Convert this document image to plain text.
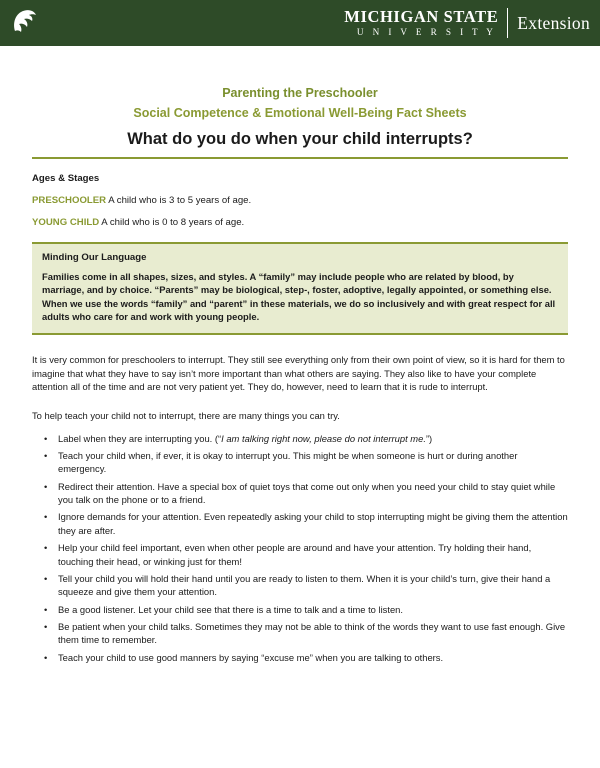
MICHIGAN STATE
U N I V E R S I T Y	Extension
Parenting the Preschooler
Social Competence & Emotional Well-Being Fact Sheets
What do you do when your child interrupts?
Ages & Stages
PRESCHOOLER A child who is 3 to 5 years of age.
YOUNG CHILD A child who is 0 to 8 years of age.
Minding Our Language
Families come in all shapes, sizes, and styles. A “family” may include people who are related by blood, by marriage, and by choice. “Parents” may be biological, step-, foster, adoptive, legally appointed, or something else. When we use the words “family” and “parent” in these materials, we do so inclusively and with great respect for all adults who care for and work with young people.
It is very common for preschoolers to interrupt. They still see everything only from their own point of view, so it is hard for them to imagine that what they have to say isn’t more important than what others are saying. They also like to have your complete attention all of the time and are not very patient yet. They do, however, need to learn that it is rude to interrupt.
To help teach your child not to interrupt, there are many things you can try.
• Label when they are interrupting you. (“I am talking right now, please do not interrupt me.”)
• Teach your child when, if ever, it is okay to interrupt you. This might be when someone is hurt or during another emergency.
• Redirect their attention. Have a special box of quiet toys that come out only when you need your child to stay quiet while you talk on the phone or to a friend.
• Ignore demands for your attention. Even repeatedly asking your child to stop interrupting might be giving them the attention they are after.
• Help your child feel important, even when other people are around and have your attention. Try holding their hand, touching their head, or winking just for them!
• Tell your child you will hold their hand until you are ready to listen to them. When it is your child’s turn, give their hand a squeeze and give them your attention.
• Be a good listener. Let your child see that there is a time to talk and a time to listen.
• Be patient when your child talks. Sometimes they may not be able to think of the words they want to use fast enough. Give them time to remember.
• Teach your child to use good manners by saying “excuse me” when you are talking to others.
